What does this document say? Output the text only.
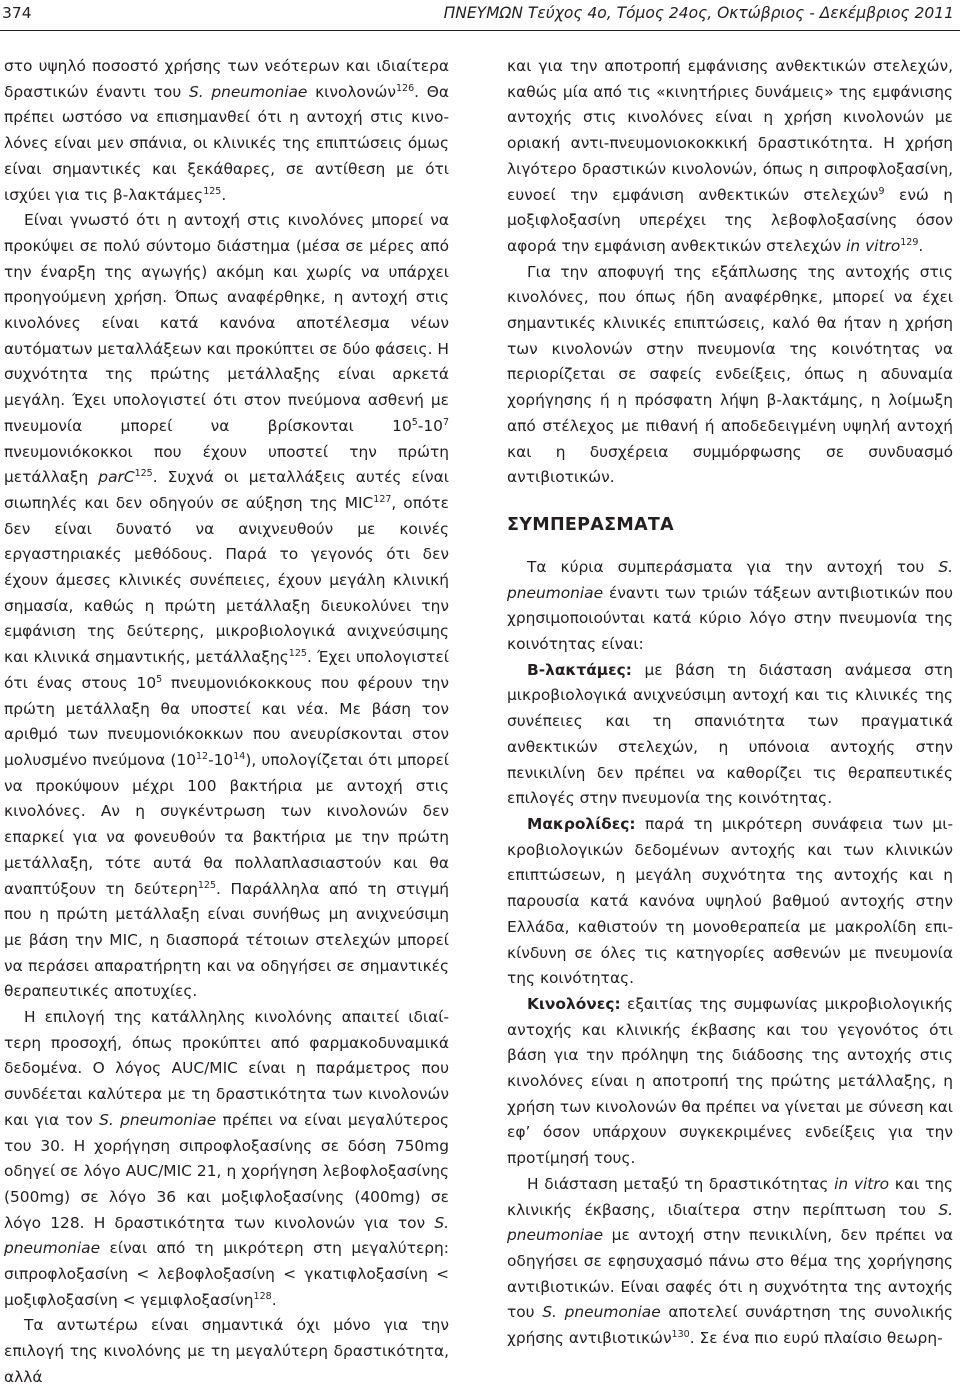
374	ΠΝΕΥΜΩΝ Τεύχος 4ο, Τόμος 24ος, Οκτώβριος - Δεκέμβριος 2011

στο υψηλό ποσοστό χρήσης των νεότερων και ιδιαίτερα δραστικών έναντι του S. pneumoniae κινολονών$^{126}$. Θα πρέπει ωστόσο να επισημανθεί ότι η αντοχή στις κινολόνες είναι μεν σπάνια, οι κλινικές της επιπτώσεις όμως είναι σημαντικές και ξεκάθαρες, σε αντίθεση με ότι ισχύει για τις β-λακτάμες$^{125}$.

Είναι γνωστό ότι η αντοχή στις κινολόνες μπορεί να προκύψει σε πολύ σύντομο διάστημα (μέσα σε μέρες από την έναρξη της αγωγής) ακόμη και χωρίς να υπάρχει προηγούμενη χρήση. Όπως αναφέρθηκε, η αντοχή στις κινολόνες είναι κατά κανόνα αποτέλεσμα νέων αυτόματων μεταλλάξεων και προκύπτει σε δύο φάσεις. Η συχνότητα της πρώτης μετάλλαξης είναι αρκετά μεγάλη. Έχει υπολογιστεί ότι στον πνεύμονα ασθενή με πνευμονία μπορεί να βρίσκονται $10^5-10^7$ πνευμονιόκοκκοι που έχουν υποστεί την πρώτη μετάλλαξη parC$^{125}$. Συχνά οι μεταλλάξεις αυτές είναι σιωπηλές και δεν οδηγούν σε αύξηση της MIC$^{127}$, οπότε δεν είναι δυνατό να ανιχνευθούν με κοινές εργαστηριακές μεθόδους. Παρά το γεγονός ότι δεν έχουν άμεσες κλινικές συνέπειες, έχουν μεγάλη κλινική σημασία, καθώς η πρώτη μετάλλαξη διευκολύνει την εμφάνιση της δεύτερης, μικροβιολογικά ανιχνεύσιμης και κλινικά σημαντικής, μετάλλαξης$^{125}$. Έχει υπολογιστεί ότι ένας στους $10^5$ πνευμονιόκοκκους που φέρουν την πρώτη μετάλλαξη θα υποστεί και νέα. Με βάση τον αριθμό των πνευμονιόκοκκων που ανευρίσκονται στον μολυσμένο πνεύμονα $(10^{12}-10^{14})$, υπολογίζεται ότι μπορεί να προκύψουν μέχρι 100 βακτήρια με αντοχή στις κινολόνες. Αν η συγκέντρωση των κινολονών δεν επαρκεί για να φονευθούν τα βακτήρια με την πρώτη μετάλλαξη, τότε αυτά θα πολλαπλασιαστούν και θα αναπτύξουν τη δεύτερη$^{125}$. Παράλληλα από τη στιγμή που η πρώτη μετάλλαξη είναι συνήθως μη ανιχνεύσιμη με βάση την MIC, η διασπορά τέτοιων στελεχών μπορεί να περάσει απαρατήρητη και να οδηγήσει σε σημαντικές θεραπευτικές αποτυχίες.

Η επιλογή της κατάλληλης κινολόνης απαιτεί ιδιαίτερη προσοχή, όπως προκύπτει από φαρμακοδυναμικά δεδομένα. Ο λόγος AUC/MIC είναι η παράμετρος που συνδέεται καλύτερα με τη δραστικότητα των κινολονών και για τον S. pneumoniae πρέπει να είναι μεγαλύτερος του 30. Η χορήγηση σιπροφλοξασίνης σε δόση 750mg οδηγεί σε λόγο AUC/MIC 21, η χορήγηση λεβοφλοξασίνης (500mg) σε λόγο 36 και μοξιφλοξασίνης (400mg) σε λόγο 128. Η δραστικότητα των κινολονών για τον S. pneumoniae είναι από τη μικρότερη στη μεγαλύτερη: σιπροφλοξασίνη < λεβοφλοξασίνη < γκατιφλοξασίνη < μοξιφλοξασίνη < γεμιφλοξασίνη$^{128}$.

Τα αντωτέρω είναι σημαντικά όχι μόνο για την επιλογή της κινολόνης με τη μεγαλύτερη δραστικότητα, αλλά

και για την αποτροπή εμφάνισης ανθεκτικών στελεχών, καθώς μία από τις «κινητήριες δυνάμεις» της εμφάνισης αντοχής στις κινολόνες είναι η χρήση κινολονών με οριακή αντι-πνευμονιοκοκκική δραστικότητα. Η χρήση λιγότερο δραστικών κινολονών, όπως η σιπροφλοξασίνη, ευνοεί την εμφάνιση ανθεκτικών στελεχών$^9$ ενώ η μοξιφλοξασίνη υπερέχει της λεβοφλοξασίνης όσον αφορά την εμφάνιση ανθεκτικών στελεχών in vitro$^{129}$.

Για την αποφυγή της εξάπλωσης της αντοχής στις κινολόνες, που όπως ήδη αναφέρθηκε, μπορεί να έχει σημαντικές κλινικές επιπτώσεις, καλό θα ήταν η χρήση των κινολονών στην πνευμονία της κοινότητας να περιορίζεται σε σαφείς ενδείξεις, όπως η αδυναμία χορήγησης ή η πρόσφατη λήψη β-λακτάμης, η λοίμωξη από στέλεχος με πιθανή ή αποδεδειγμένη υψηλή αντοχή και η δυσχέρεια συμμόρφωσης σε συνδυασμό αντιβιοτικών.

ΣΥΜΠΕΡΑΣΜΑΤΑ

Τα κύρια συμπεράσματα για την αντοχή του S. pneumoniae έναντι των τριών τάξεων αντιβιοτικών που χρησιμοποιούνται κατά κύριο λόγο στην πνευμονία της κοινότητας είναι:

Β-λακτάμες: με βάση τη διάσταση ανάμεσα στη μικροβιολογικά ανιχνεύσιμη αντοχή και τις κλινικές της συνέπειες και τη σπανιότητα των πραγματικά ανθεκτικών στελεχών, η υπόνοια αντοχής στην πενικιλίνη δεν πρέπει να καθορίζει τις θεραπευτικές επιλογές στην πνευμονία της κοινότητας.

Μακρολίδες: παρά τη μικρότερη συνάφεια των μικροβιολογικών δεδομένων αντοχής και των κλινικών επιπτώσεων, η μεγάλη συχνότητα της αντοχής και η παρουσία κατά κανόνα υψηλού βαθμού αντοχής στην Ελλάδα, καθιστούν τη μονοθεραπεία με μακρολίδη επικίνδυνη σε όλες τις κατηγορίες ασθενών με πνευμονία της κοινότητας.

Κινολόνες: εξαιτίας της συμφωνίας μικροβιολογικής αντοχής και κλινικής έκβασης και του γεγονότος ότι βάση για την πρόληψη της διάδοσης της αντοχής στις κινολόνες είναι η αποτροπή της πρώτης μετάλλαξης, η χρήση των κινολονών θα πρέπει να γίνεται με σύνεση και εφ’ όσον υπάρχουν συγκεκριμένες ενδείξεις για την προτίμησή τους.

Η διάσταση μεταξύ τη δραστικότητας in vitro και της κλινικής έκβασης, ιδιαίτερα στην περίπτωση του S. pneumoniae με αντοχή στην πενικιλίνη, δεν πρέπει να οδηγήσει σε εφησυχασμό πάνω στο θέμα της χορήγησης αντιβιοτικών. Είναι σαφές ότι η συχνότητα της αντοχής του S. pneumoniae αποτελεί συνάρτηση της συνολικής χρήσης αντιβιοτικών$^{130}$. Σε ένα πιο ευρύ πλαίσιο θεωρη-
